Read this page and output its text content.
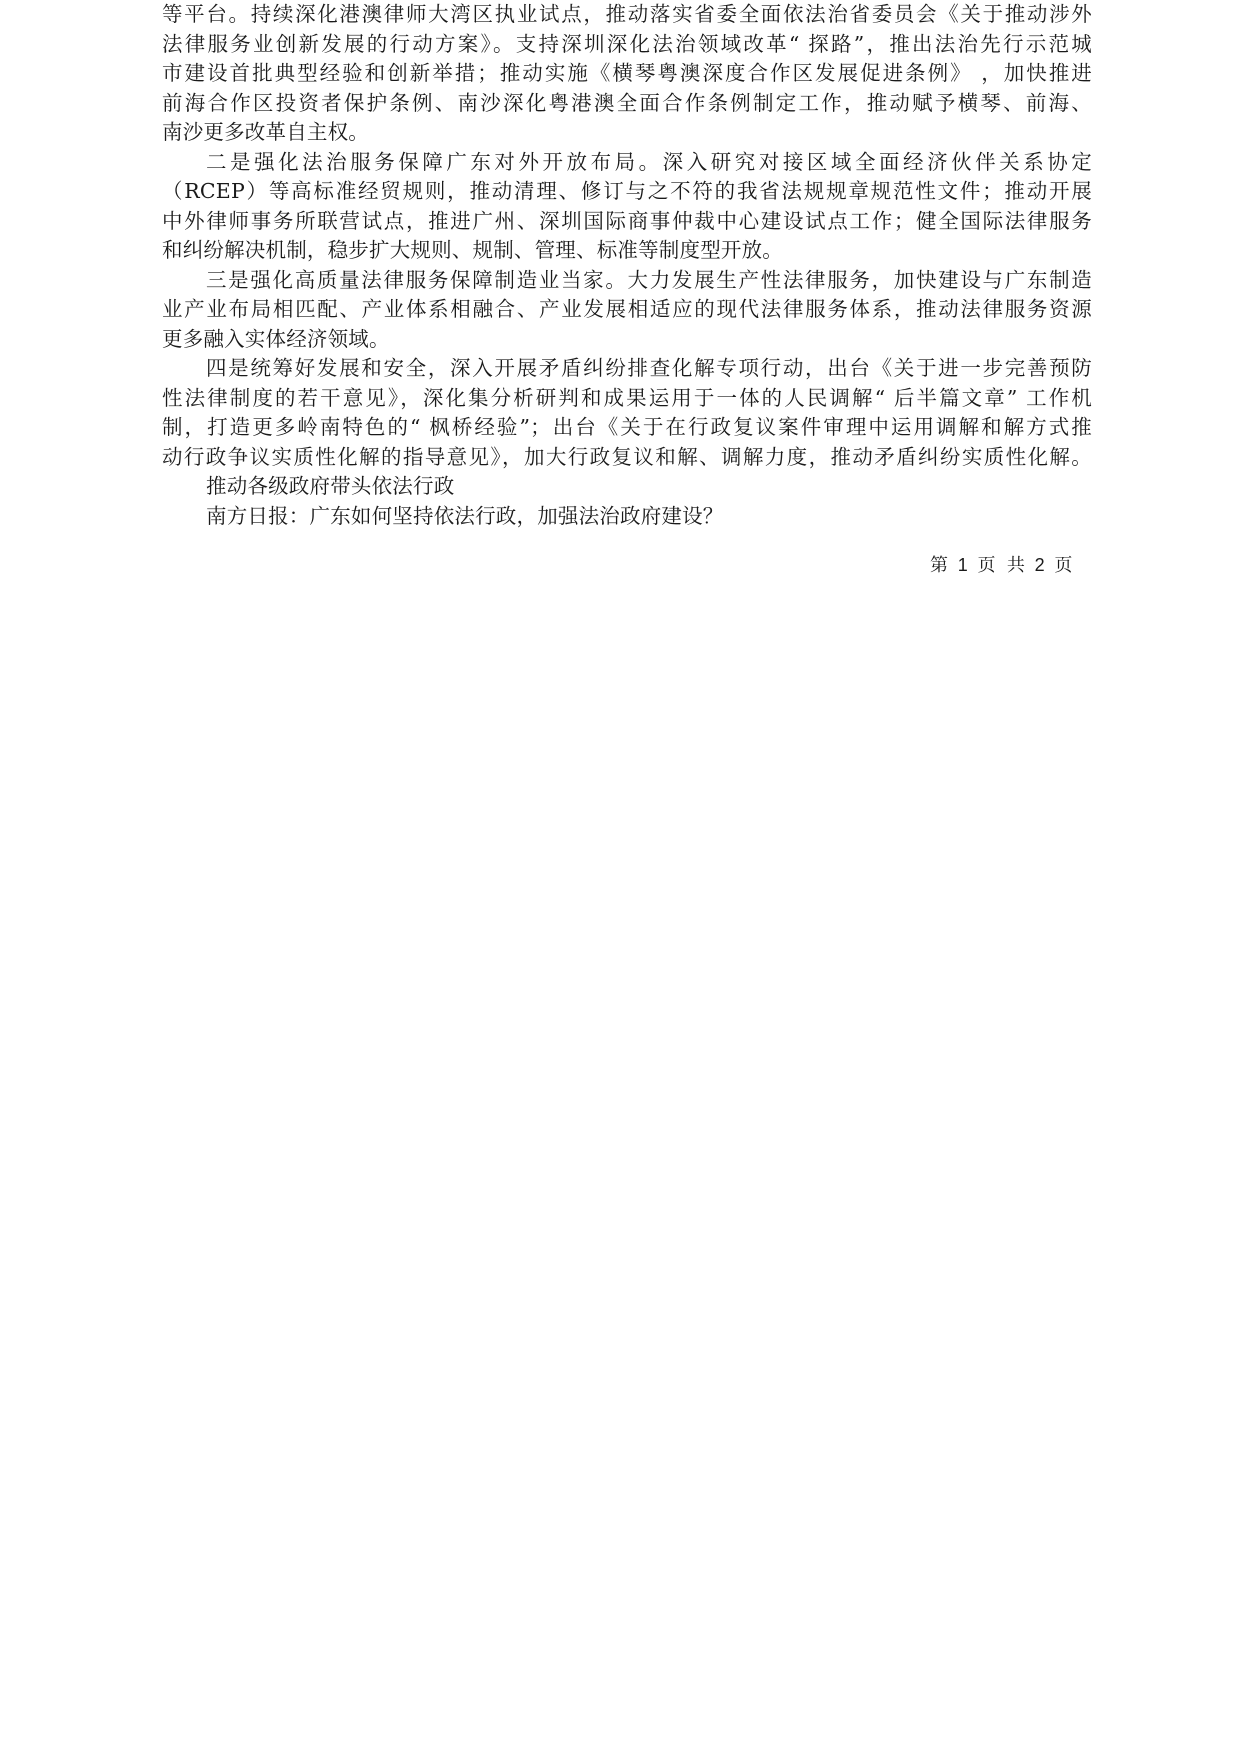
等平台。持续深化港澳律师大湾区执业试点，推动落实省委全面依法治省委员会《关于推动涉外
法律服务业创新发展的行动方案》。支持深圳深化法治领域改革“ 探路”，推出法治先行示范城
市建设首批典型经验和创新举措；推动实施《横琴粤澳深度合作区发展促进条例》 ，加快推进
前海合作区投资者保护条例、南沙深化粤港澳全面合作条例制定工作，推动赋予横琴、前海、
南沙更多改革自主权。
二是强化法治服务保障广东对外开放布局。深入研究对接区域全面经济伙伴关系协定
（RCEP）等高标准经贸规则，推动清理、修订与之不符的我省法规规章规范性文件；推动开展
中外律师事务所联营试点，推进广州、深圳国际商事仲裁中心建设试点工作；健全国际法律服务
和纠纷解决机制，稳步扩大规则、规制、管理、标准等制度型开放。
三是强化高质量法律服务保障制造业当家。大力发展生产性法律服务，加快建设与广东制造
业产业布局相匹配、产业体系相融合、产业发展相适应的现代法律服务体系，推动法律服务资源
更多融入实体经济领域。
四是统筹好发展和安全，深入开展矛盾纠纷排查化解专项行动，出台《关于进一步完善预防
性法律制度的若干意见》，深化集分析研判和成果运用于一体的人民调解“ 后半篇文章” 工作机
制，打造更多岭南特色的“ 枫桥经验”；出台《关于在行政复议案件审理中运用调解和解方式推
动行政争议实质性化解的指导意见》，加大行政复议和解、调解力度，推动矛盾纠纷实质性化解。
推动各级政府带头依法行政
南方日报：广东如何坚持依法行政，加强法治政府建设？
第 1 页  共 2 页
